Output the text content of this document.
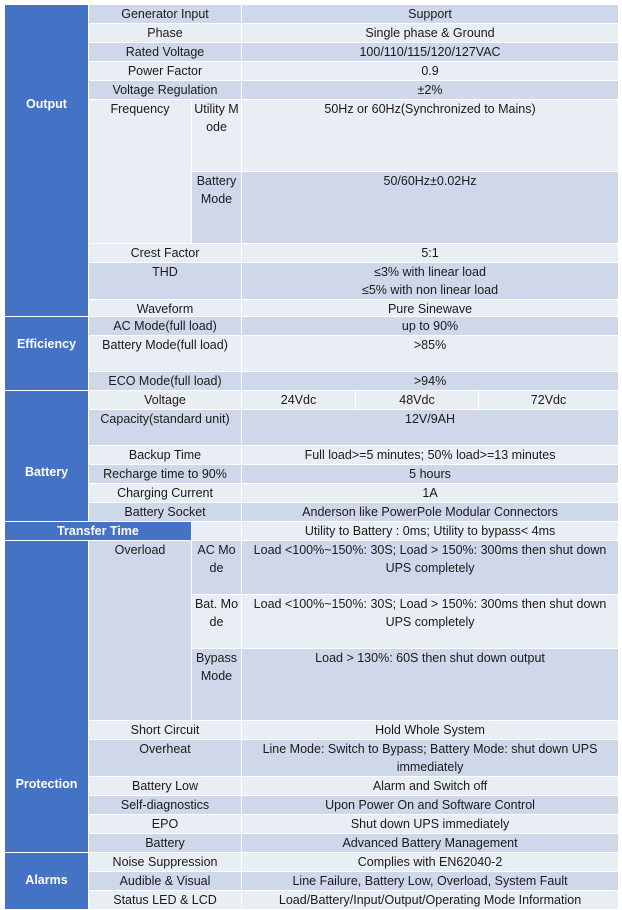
Output	Generator Input		Support
	Phase		Single phase & Ground
	Rated Voltage		100/110/115/120/127VAC
	Power Factor		0.9
	Voltage Regulation		±2%
	Frequency	Utility Mode	50Hz or 60Hz(Synchronized to Mains)
		Battery Mode	50/60Hz±0.02Hz
	Crest Factor		5:1
	THD		≤3% with linear load
≤5% with non linear load

	Waveform		Pure Sinewave
Efficiency	AC Mode(full load)		up to 90%		
	Battery Mode(full load)		>85%		
	ECO Mode(full load)		>94%		

Battery	Voltage		24Vdc	48Vdc	72Vdc
	Capacity(standard unit)		12V/9AH		
	Backup Time		Full load>=5 minutes; 50% load>=13 minutes		
	Recharge time to 90%		5 hours		
	Charging Current		1A		
	Battery Socket		Anderson like PowerPole Modular Connectors		
Transfer Time			Utility to Battery : 0ms; Utility to bypass< 4ms		

Protection	Overload	AC Mode	Load <100%~150%: 30S; Load > 150%: 300ms then shut down UPS completely		
		Bat. Mode	Load <100%~150%: 30S; Load > 150%: 300ms then shut down UPS completely		
		Bypass Mode	Load > 130%: 60S then shut down output		
	Short Circuit		Hold Whole System		
	Overheat		Line Mode: Switch to Bypass; Battery Mode: shut down UPS immediately		
	Battery Low		Alarm and Switch off		
	Self-diagnostics		Upon Power On and Software Control		
	EPO		Shut down UPS immediately		
	Battery		Advanced Battery Management		

Alarms	Noise Suppression		Complies with EN62040-2		
	Audible & Visual		Line Failure, Battery Low, Overload, System Fault		
	Status LED & LCD		Load/Battery/Input/Output/Operating Mode Information		
